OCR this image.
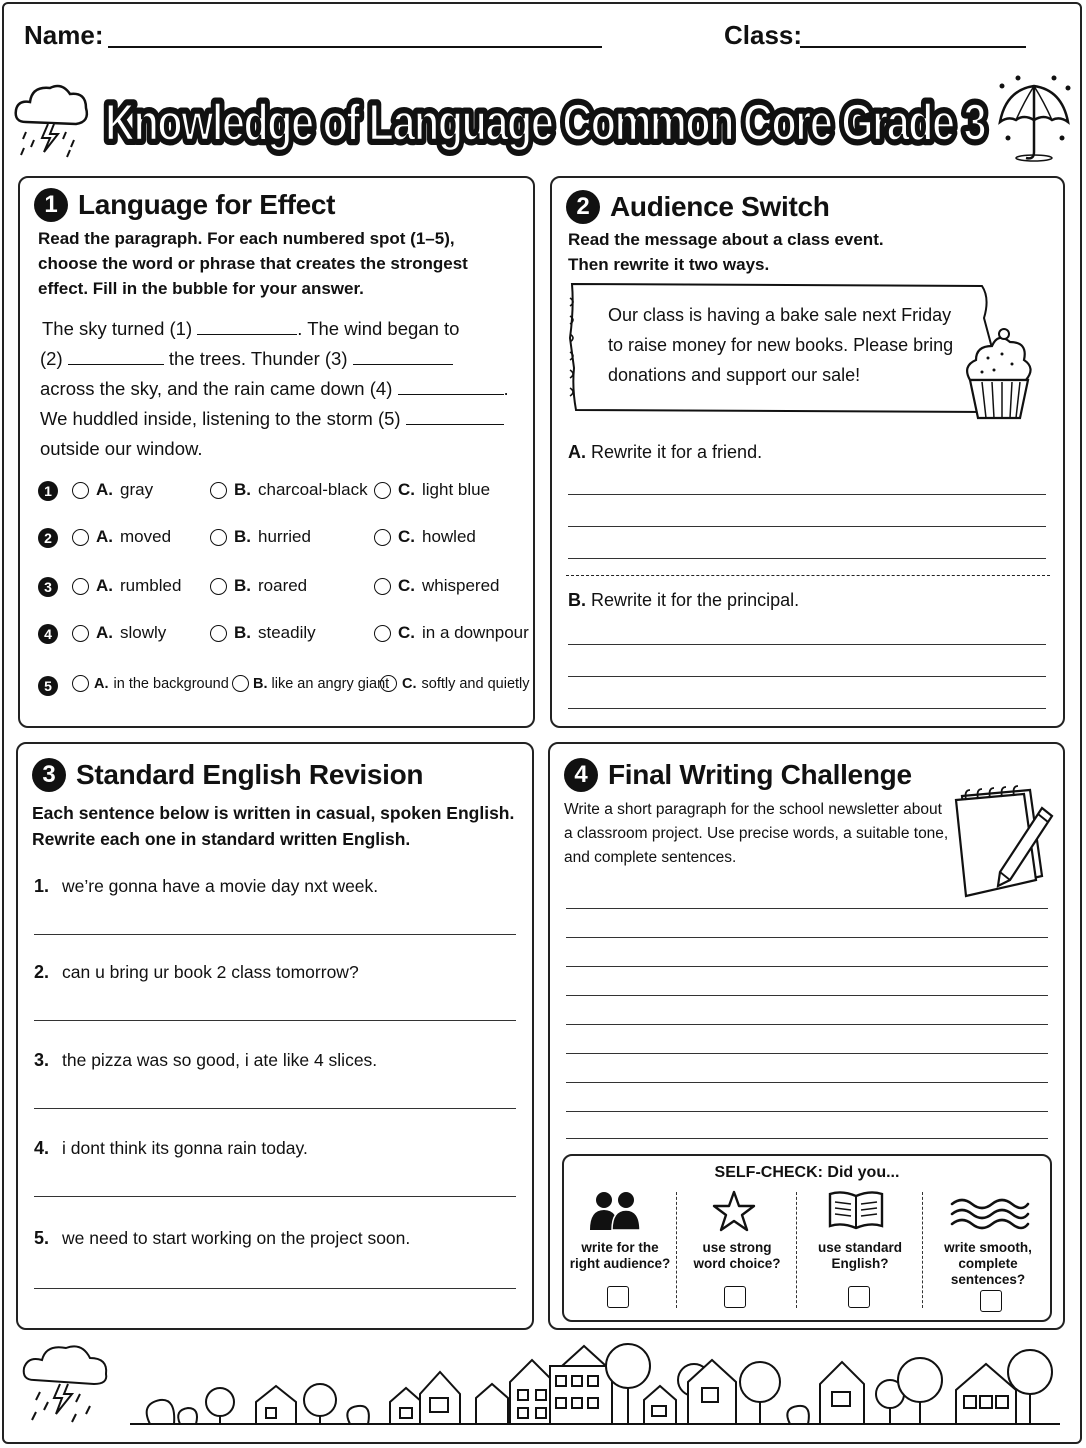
Name:	Class:
Knowledge of Language Common Core Grade 3
Knowledge of Language Common Core Grade 3
1 Language for Effect
Read the paragraph. For each numbered spot (1–5), choose the word or phrase that creates the strongest effect. Fill in the bubble for your answer.
The sky turned (1)	. The wind began to
(2)	the trees. Thunder (3)
across the sky, and the rain came down (4)	.
We huddled inside, listening to the storm (5)
outside our window.
1	A. gray	B. charcoal-black C. light blue
2	A. moved	B. hurried	C. howled
3	A. rumbled	B. roared	C. whispered
4	A. slowly	B. steadily	C. in a downpour
5	A. in the background B. like an angry giant C. softly and quietly
2 Audience Switch
Read the message about a class event.
Then rewrite it two ways.
Our class is having a bake sale next Friday
to raise money for new books. Please bring
donations and support our sale!
A. Rewrite it for a friend.
B. Rewrite it for the principal.
3 Standard English Revision
Each sentence below is written in casual, spoken English.
Rewrite each one in standard written English.
1. we’re gonna have a movie day nxt week.
2. can u bring ur book 2 class tomorrow?
3. the pizza was so good, i ate like 4 slices.
4. i dont think its gonna rain today.
5. we need to start working on the project soon.
4 Final Writing Challenge
Write a short paragraph for the school newsletter about
a classroom project. Use precise words, a suitable tone,
and complete sentences.
SELF-CHECK: Did you...
write for the
right audience?
use strong
word choice?
use standard
English?
write smooth,
complete
sentences?
